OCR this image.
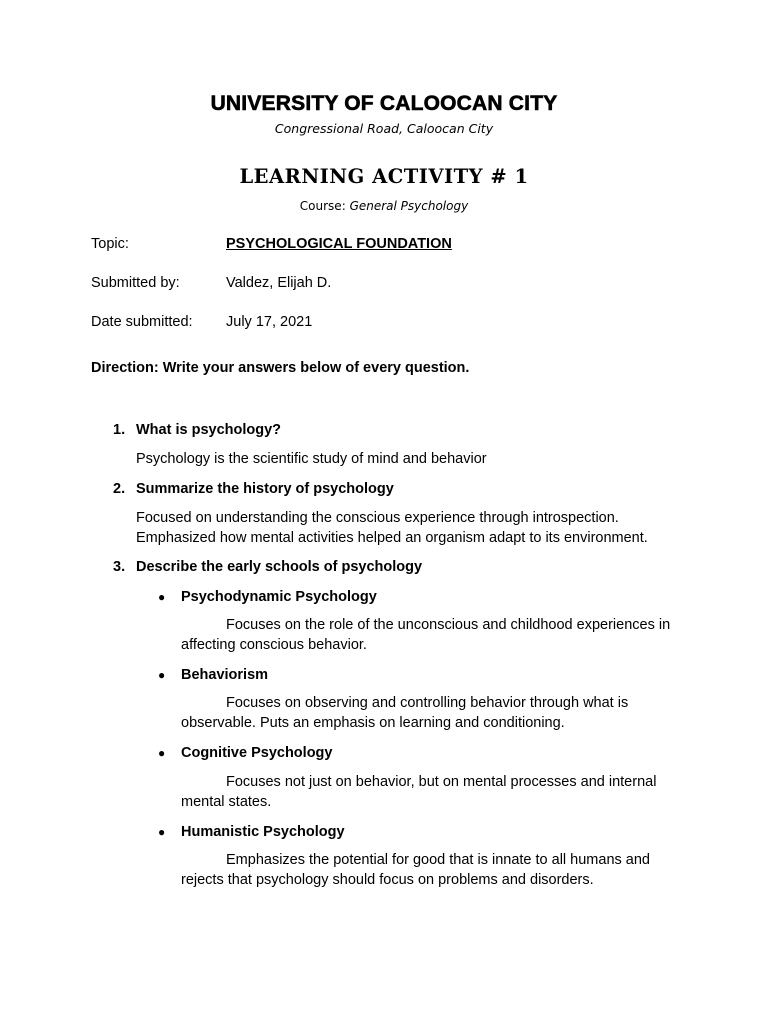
UNIVERSITY OF CALOOCAN CITY
Congressional Road, Caloocan City
LEARNING ACTIVITY # 1
Course: General Psychology
Topic:	PSYCHOLOGICAL FOUNDATION
Submitted by:	Valdez, Elijah D.
Date submitted:	July 17, 2021
Direction: Write your answers below of every question.
1. What is psychology?
Psychology is the scientific study of mind and behavior
2. Summarize the history of psychology
Focused on understanding the conscious experience through introspection. Emphasized how mental activities helped an organism adapt to its environment.
3. Describe the early schools of psychology
● Psychodynamic Psychology
Focuses on the role of the unconscious and childhood experiences in affecting conscious behavior.
● Behaviorism
Focuses on observing and controlling behavior through what is observable. Puts an emphasis on learning and conditioning.
● Cognitive Psychology
Focuses not just on behavior, but on mental processes and internal mental states.
● Humanistic Psychology
Emphasizes the potential for good that is innate to all humans and rejects that psychology should focus on problems and disorders.
